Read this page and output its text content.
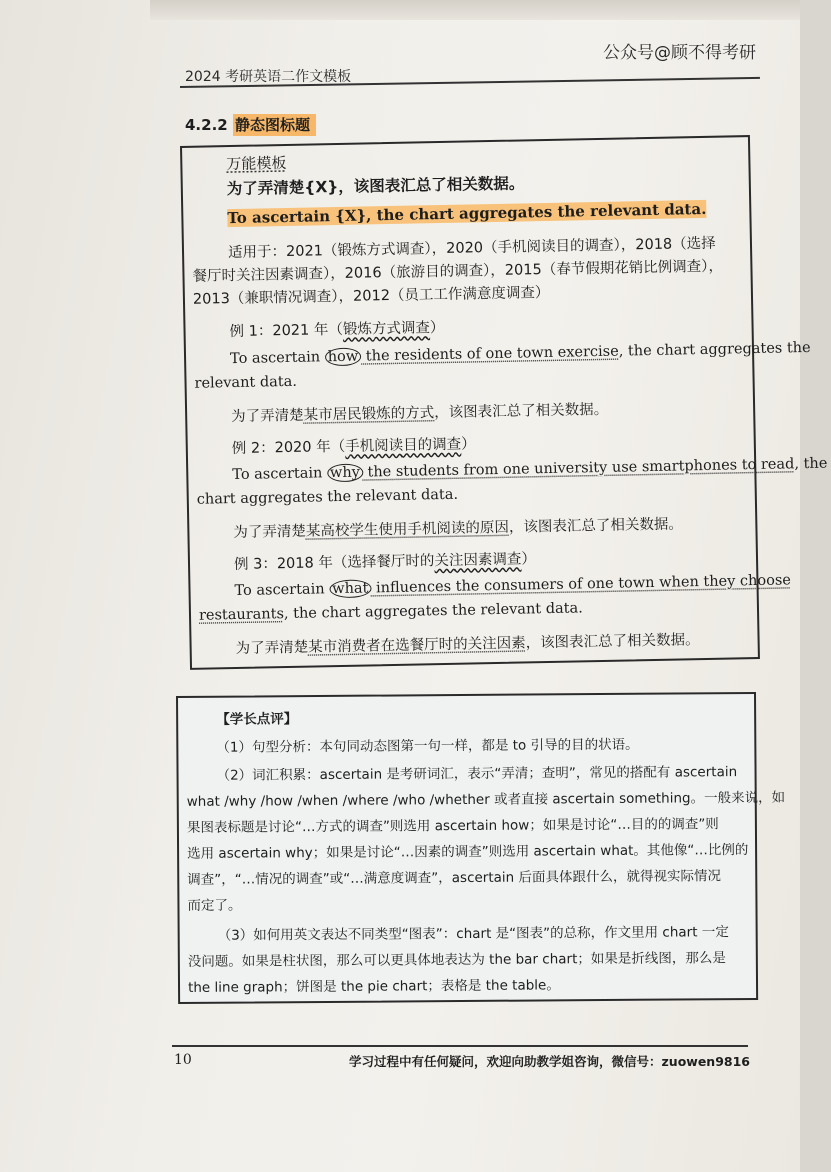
公众号@顾不得考研
2024 考研英语二作文模板
4.2.2 静态图标题
万能模板
为了弄清楚{X}，该图表汇总了相关数据。
To ascertain {X}, the chart aggregates the relevant data.
适用于：2021（锻炼方式调查），2020（手机阅读目的调查），2018（选择
餐厅时关注因素调查），2016（旅游目的调查），2015（春节假期花销比例调查），
2013（兼职情况调查），2012（员工工作满意度调查）
例 1：2021 年（锻炼方式调查）
To ascertain how the residents of one town exercise, the chart aggregates the
relevant data.
为了弄清楚某市居民锻炼的方式，该图表汇总了相关数据。
例 2：2020 年（手机阅读目的调查）
To ascertain why the students from one university use smartphones to read, the
chart aggregates the relevant data.
为了弄清楚某高校学生使用手机阅读的原因，该图表汇总了相关数据。
例 3：2018 年（选择餐厅时的关注因素调查）
To ascertain what influences the consumers of one town when they choose
restaurants, the chart aggregates the relevant data.
为了弄清楚某市消费者在选餐厅时的关注因素，该图表汇总了相关数据。
【学长点评】
（1）句型分析：本句同动态图第一句一样，都是 to 引导的目的状语。
（2）词汇积累：ascertain 是考研词汇，表示“弄清；查明”，常见的搭配有 ascertain
what /why /how /when /where /who /whether 或者直接 ascertain something。一般来说，如
果图表标题是讨论“…方式的调查”则选用 ascertain how；如果是讨论“…目的的调查”则
选用 ascertain why；如果是讨论“…因素的调查”则选用 ascertain what。其他像“…比例的
调查”，“…情况的调查”或“…满意度调查”，ascertain 后面具体跟什么，就得视实际情况
而定了。
（3）如何用英文表达不同类型“图表”：chart 是“图表”的总称，作文里用 chart 一定
没问题。如果是柱状图，那么可以更具体地表达为 the bar chart；如果是折线图，那么是
the line graph；饼图是 the pie chart；表格是 the table。
10	学习过程中有任何疑问，欢迎向助教学姐咨询，微信号：zuowen9816
